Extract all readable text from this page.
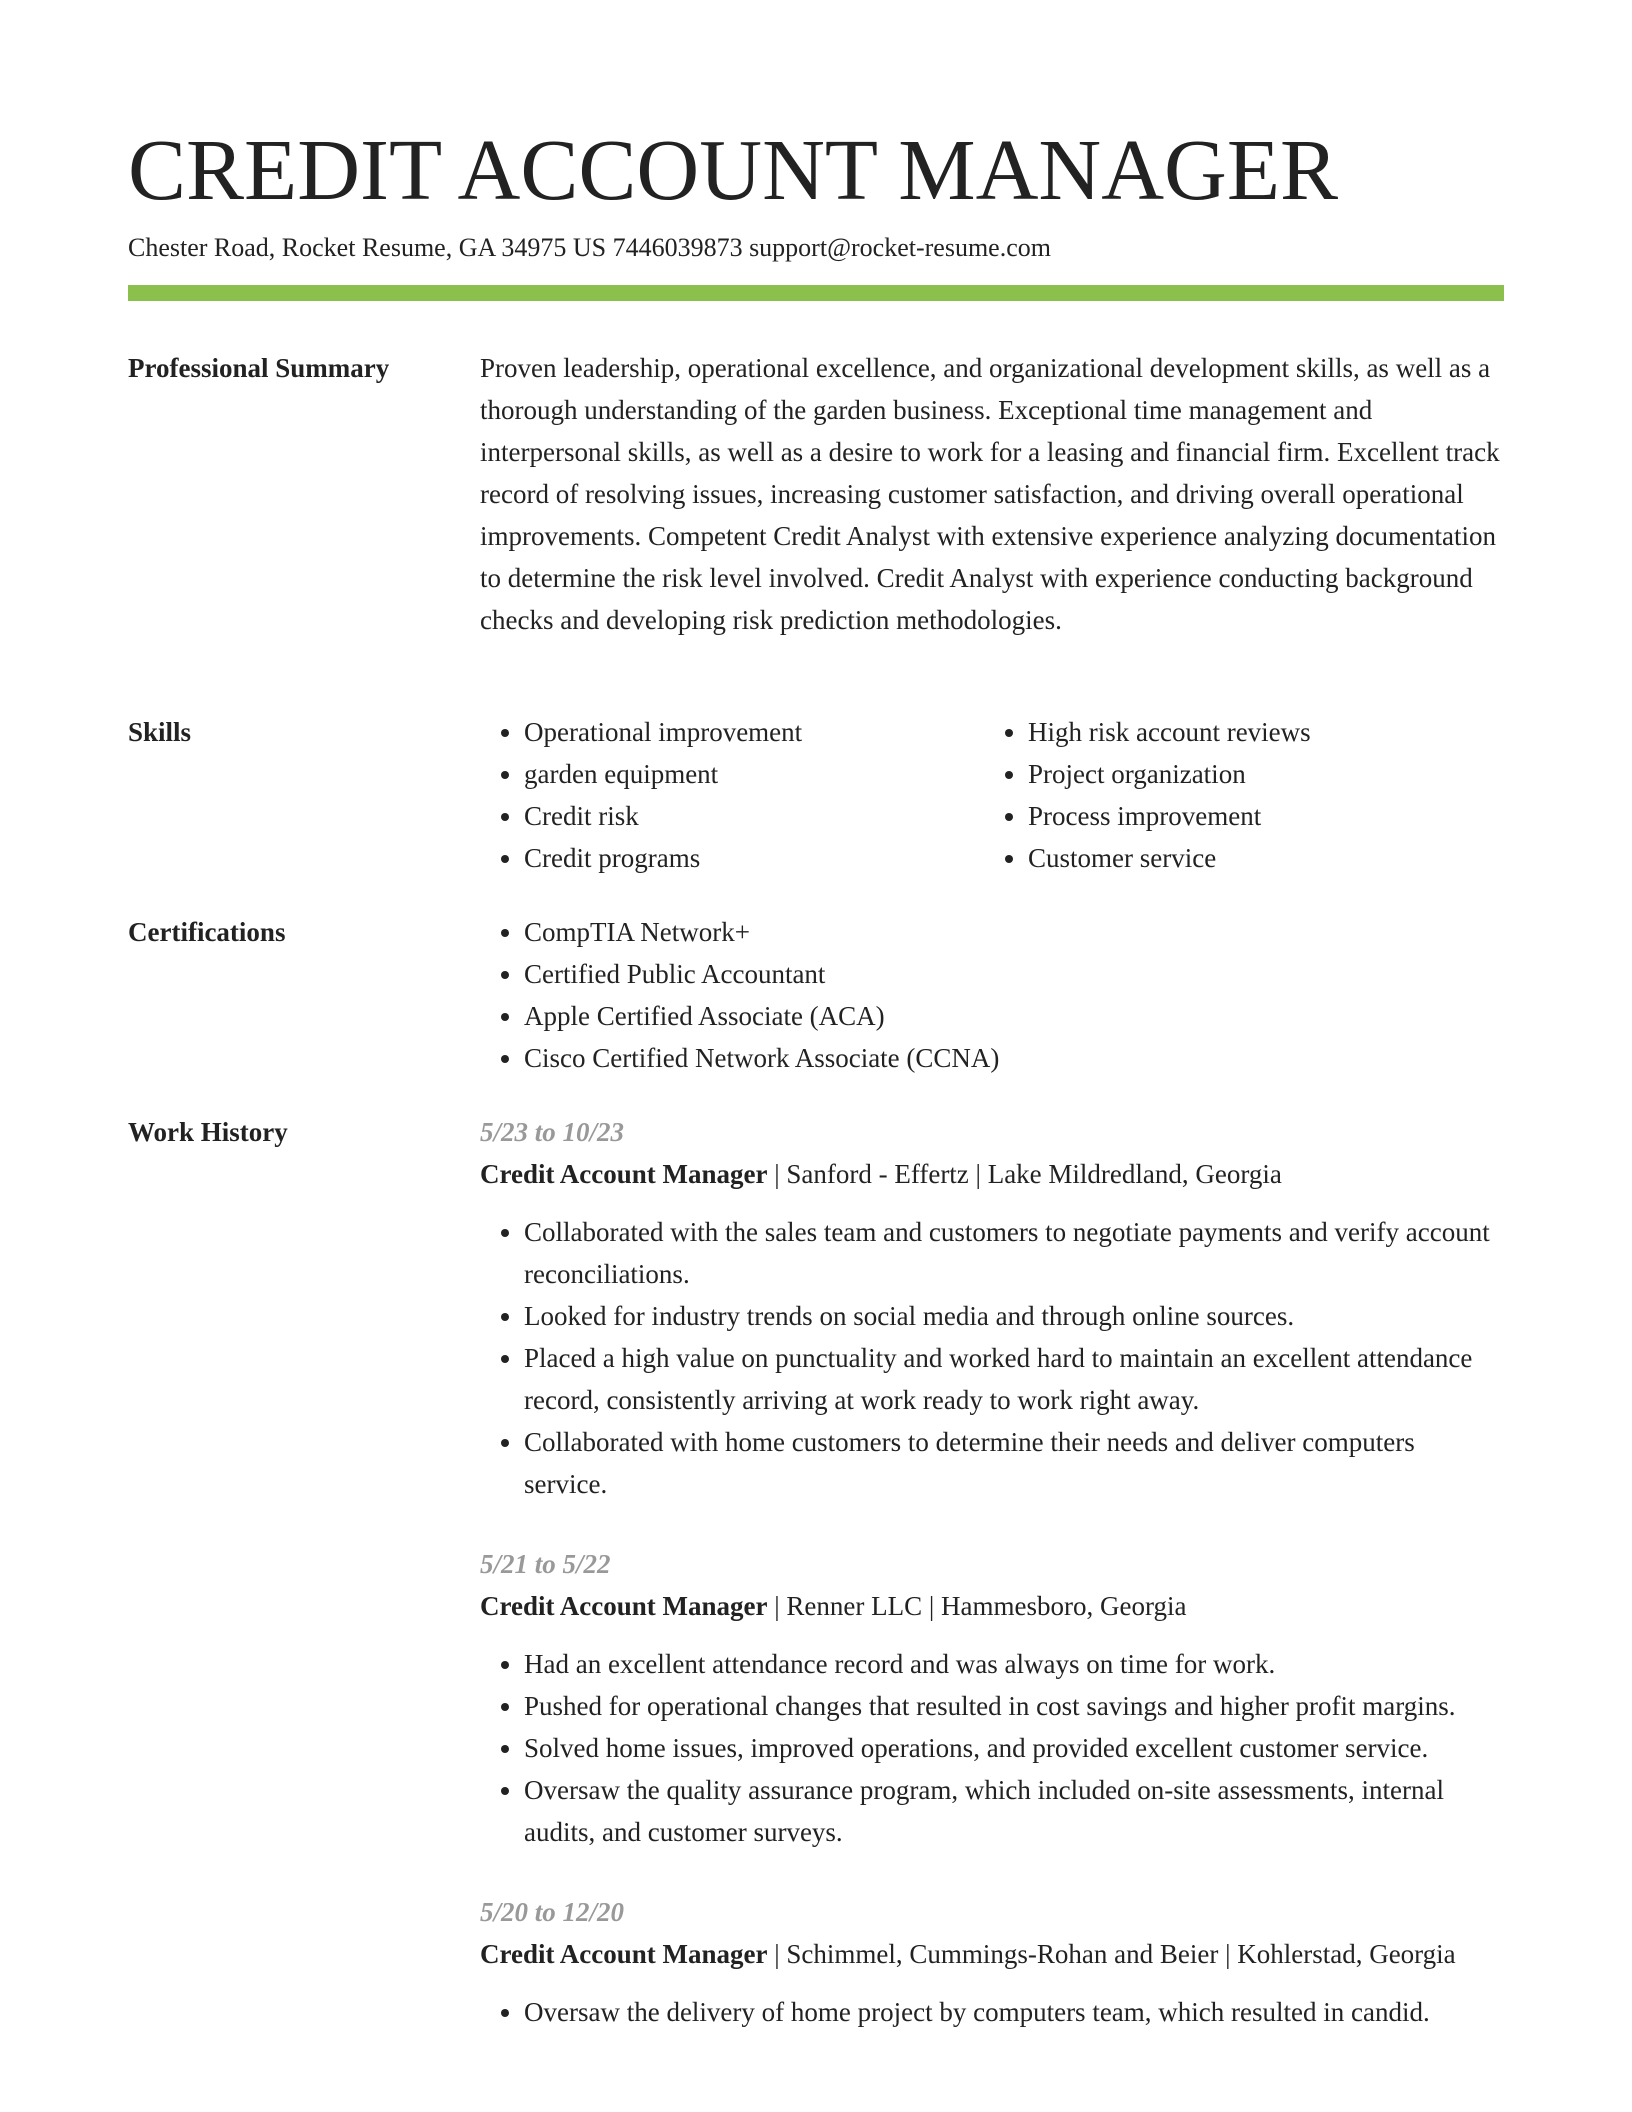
CREDIT ACCOUNT MANAGER
Chester Road, Rocket Resume, GA 34975 US 7446039873 support@rocket-resume.com
Professional Summary	Proven leadership, operational excellence, and organizational development skills, as well as a thorough understanding of the garden business. Exceptional time management and interpersonal skills, as well as a desire to work for a leasing and financial firm. Excellent track record of resolving issues, increasing customer satisfaction, and driving overall operational improvements. Competent Credit Analyst with extensive experience analyzing documentation to determine the risk level involved. Credit Analyst with experience conducting background checks and developing risk prediction methodologies.

Skills	• Operational improvement
• garden equipment
• Credit risk
• Credit programs
• High risk account reviews
• Project organization
• Process improvement
• Customer service
Certifications	• CompTIA Network+
• Certified Public Accountant
• Apple Certified Associate (ACA)
• Cisco Certified Network Associate (CCNA)
Work History	5/23 to 10/23
Credit Account Manager | Sanford - Effertz | Lake Mildredland, Georgia
• Collaborated with the sales team and customers to negotiate payments and verify account reconciliations.
• Looked for industry trends on social media and through online sources.
• Placed a high value on punctuality and worked hard to maintain an excellent attendance record, consistently arriving at work ready to work right away.
• Collaborated with home customers to determine their needs and deliver computers service.
5/21 to 5/22
Credit Account Manager | Renner LLC | Hammesboro, Georgia
• Had an excellent attendance record and was always on time for work.
• Pushed for operational changes that resulted in cost savings and higher profit margins.
• Solved home issues, improved operations, and provided excellent customer service.
• Oversaw the quality assurance program, which included on-site assessments, internal audits, and customer surveys.
5/20 to 12/20
Credit Account Manager | Schimmel, Cummings-Rohan and Beier | Kohlerstad, Georgia
• Oversaw the delivery of home project by computers team, which resulted in candid.
